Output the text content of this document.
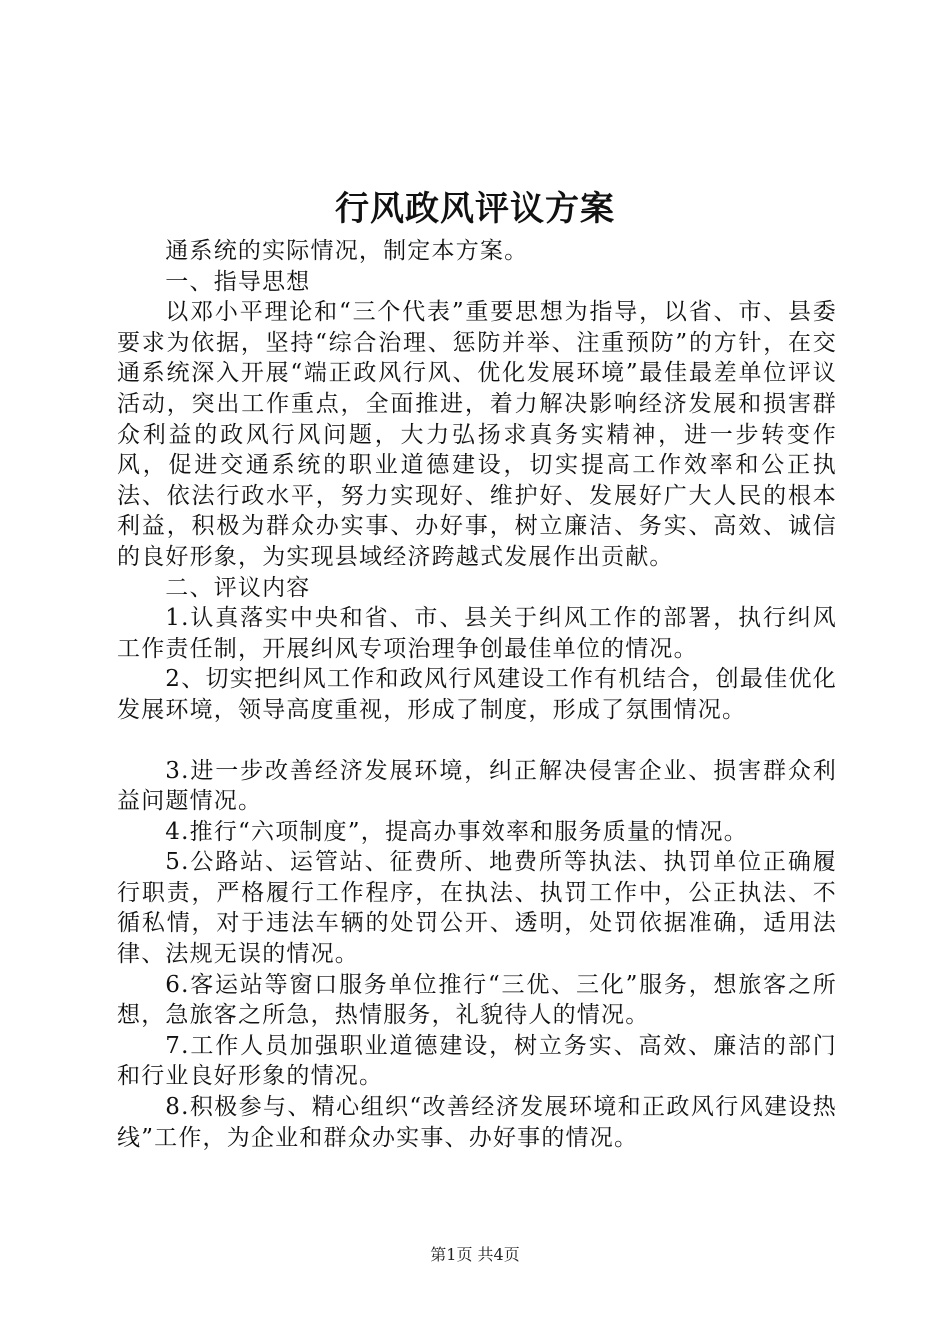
行风政风评议方案

通系统的实际情况，制定本方案。

一、指导思想

以邓小平理论和“三个代表”重要思想为指导，以省、市、县委要求为依据，坚持“综合治理、惩防并举、注重预防”的方针，在交通系统深入开展“端正政风行风、优化发展环境”最佳最差单位评议活动，突出工作重点，全面推进，着力解决影响经济发展和损害群众利益的政风行风问题，大力弘扬求真务实精神，进一步转变作风，促进交通系统的职业道德建设，切实提高工作效率和公正执法、依法行政水平，努力实现好、维护好、发展好广大人民的根本利益，积极为群众办实事、办好事，树立廉洁、务实、高效、诚信的良好形象，为实现县域经济跨越式发展作出贡献。

二、评议内容

1.认真落实中央和省、市、县关于纠风工作的部署，执行纠风工作责任制，开展纠风专项治理争创最佳单位的情况。

2、切实把纠风工作和政风行风建设工作有机结合，创最佳优化发展环境，领导高度重视，形成了制度，形成了氛围情况。

3.进一步改善经济发展环境，纠正解决侵害企业、损害群众利益问题情况。

4.推行“六项制度”，提高办事效率和服务质量的情况。

5.公路站、运管站、征费所、地费所等执法、执罚单位正确履行职责，严格履行工作程序，在执法、执罚工作中，公正执法、不循私情，对于违法车辆的处罚公开、透明，处罚依据准确，适用法律、法规无误的情况。

6.客运站等窗口服务单位推行“三优、三化”服务，想旅客之所想，急旅客之所急，热情服务，礼貌待人的情况。

7.工作人员加强职业道德建设，树立务实、高效、廉洁的部门和行业良好形象的情况。

8.积极参与、精心组织“改善经济发展环境和正政风行风建设热线”工作，为企业和群众办实事、办好事的情况。

第1页 共4页
